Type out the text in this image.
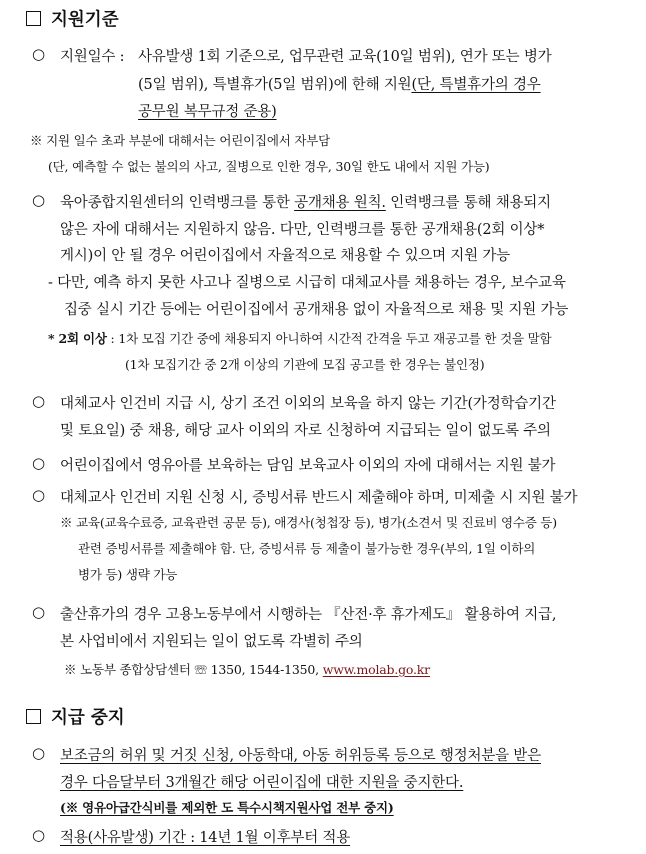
지원기준
○ 지원일수 : 사유발생 1회 기준으로, 업무관련 교육(10일 범위), 연가 또는 병가
(5일 범위), 특별휴가(5일 범위)에 한해 지원(단, 특별휴가의 경우
공무원 복무규정 준용)
※ 지원 일수 초과 부분에 대해서는 어린이집에서 자부담
(단, 예측할 수 없는 불의의 사고, 질병으로 인한 경우, 30일 한도 내에서 지원 가능)
○ 육아종합지원센터의 인력뱅크를 통한 공개채용 원칙. 인력뱅크를 통해 채용되지
않은 자에 대해서는 지원하지 않음. 다만, 인력뱅크를 통한 공개채용(2회 이상*
게시)이 안 될 경우 어린이집에서 자율적으로 채용할 수 있으며 지원 가능
- 다만, 예측 하지 못한 사고나 질병으로 시급히 대체교사를 채용하는 경우, 보수교육
집중 실시 기간 등에는 어린이집에서 공개채용 없이 자율적으로 채용 및 지원 가능
* 2회 이상 : 1차 모집 기간 중에 채용되지 아니하여 시간적 간격을 두고 재공고를 한 것을 말함
(1차 모집기간 중 2개 이상의 기관에 모집 공고를 한 경우는 불인정)
○ 대체교사 인건비 지급 시, 상기 조건 이외의 보육을 하지 않는 기간(가정학습기간
및 토요일) 중 채용, 해당 교사 이외의 자로 신청하여 지급되는 일이 없도록 주의
○ 어린이집에서 영유아를 보육하는 담임 보육교사 이외의 자에 대해서는 지원 불가
○ 대체교사 인건비 지원 신청 시, 증빙서류 반드시 제출해야 하며, 미제출 시 지원 불가
※ 교육(교육수료증, 교육관련 공문 등), 애경사(청첩장 등), 병가(소견서 및 진료비 영수증 등)
관련 증빙서류를 제출해야 함. 단, 증빙서류 등 제출이 불가능한 경우(부의, 1일 이하의
병가 등) 생략 가능
○ 출산휴가의 경우 고용노동부에서 시행하는 『산전·후 휴가제도』 활용하여 지급,
본 사업비에서 지원되는 일이 없도록 각별히 주의
※ 노동부 종합상담센터 ☏ 1350, 1544-1350, www.molab.go.kr
지급 중지
○ 보조금의 허위 및 거짓 신청, 아동학대, 아동 허위등록 등으로 행정처분을 받은
경우 다음달부터 3개월간 해당 어린이집에 대한 지원을 중지한다.
(※ 영유아급간식비를 제외한 도 특수시책지원사업 전부 중지)
○ 적용(사유발생) 기간 : 14년 1월 이후부터 적용
